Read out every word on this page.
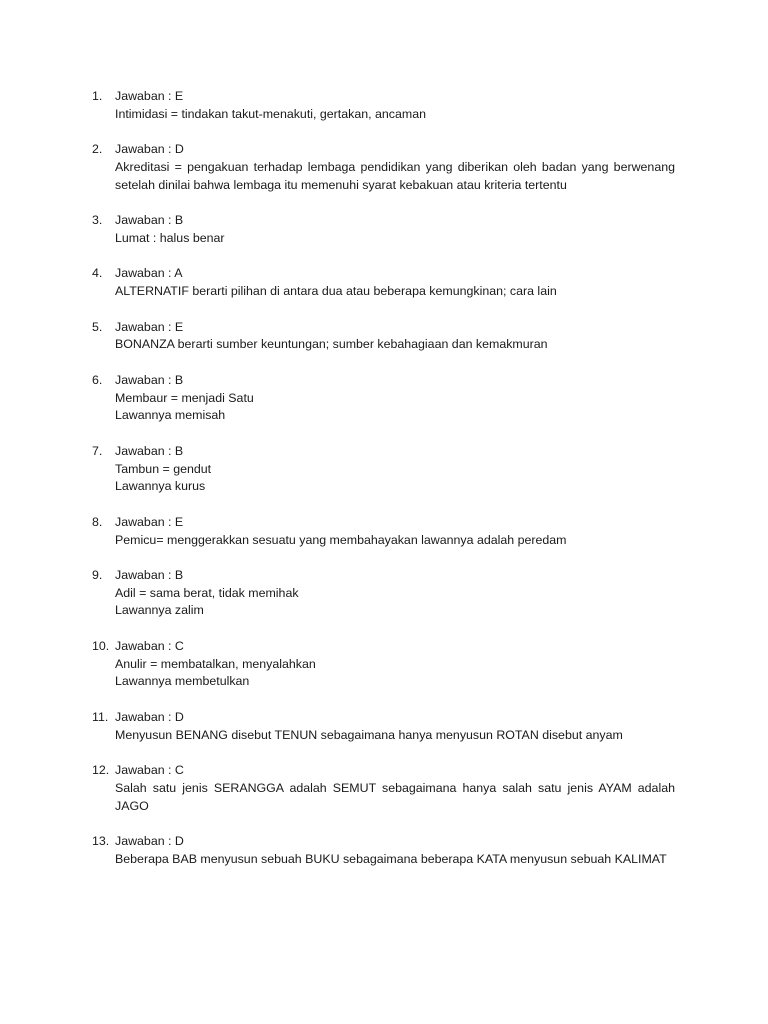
1.	Jawaban : E
Intimidasi = tindakan takut-menakuti, gertakan, ancaman
2.	Jawaban : D
Akreditasi = pengakuan terhadap lembaga pendidikan yang diberikan oleh badan yang berwenang setelah dinilai bahwa lembaga itu memenuhi syarat kebakuan atau kriteria tertentu
3.	Jawaban : B
Lumat : halus benar
4.	Jawaban : A
ALTERNATIF berarti pilihan di antara dua atau beberapa kemungkinan; cara lain
5.	Jawaban : E
BONANZA berarti sumber keuntungan; sumber kebahagiaan dan kemakmuran
6.	Jawaban : B
Membaur = menjadi Satu
Lawannya memisah
7.	Jawaban : B
Tambun = gendut
Lawannya kurus
8.	Jawaban : E
Pemicu= menggerakkan sesuatu yang membahayakan lawannya adalah peredam
9.	Jawaban : B
Adil = sama berat, tidak memihak
Lawannya zalim
10. Jawaban : C
Anulir = membatalkan, menyalahkan
Lawannya membetulkan
11. Jawaban : D
Menyusun BENANG disebut TENUN sebagaimana hanya menyusun ROTAN disebut anyam
12. Jawaban : C
Salah satu jenis SERANGGA adalah SEMUT sebagaimana hanya salah satu jenis AYAM adalah JAGO
13. Jawaban : D
Beberapa BAB menyusun sebuah BUKU sebagaimana beberapa KATA menyusun sebuah KALIMAT
